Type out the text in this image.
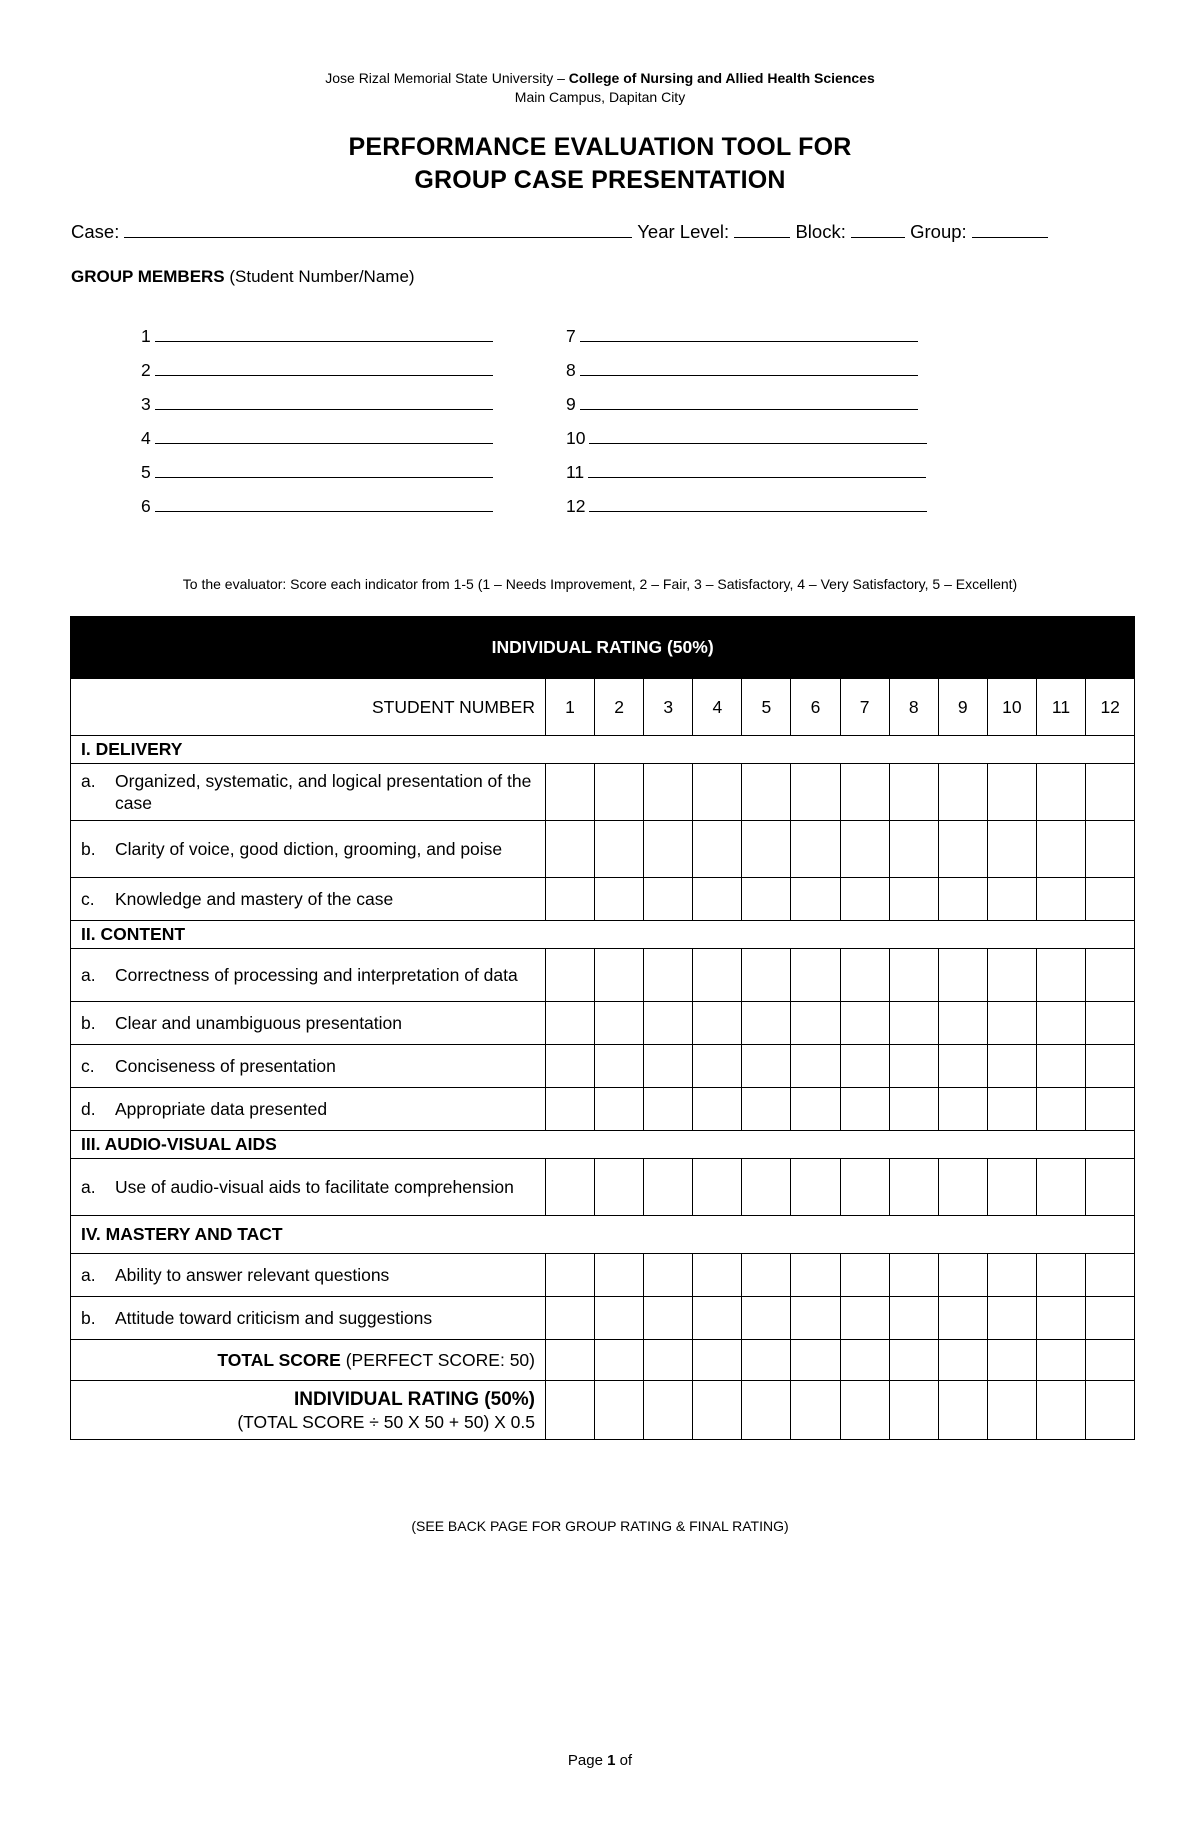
Jose Rizal Memorial State University – College of Nursing and Allied Health Sciences
Main Campus, Dapitan City
PERFORMANCE EVALUATION TOOL FOR
GROUP CASE PRESENTATION
Case:	Year Level:	Block:	Group:
GROUP MEMBERS (Student Number/Name)
1
2
3
4
5
6
7
8
9
10
11
12
To the evaluator: Score each indicator from 1-5 (1 – Needs Improvement, 2 – Fair, 3 – Satisfactory, 4 – Very Satisfactory, 5 – Excellent)
INDIVIDUAL RATING (50%)												
STUDENT NUMBER	1	2	3	4	5	6	7	8	9	10	11	12
I. DELIVERY												

a. Organized, systematic, and logical presentation of the case												

b. Clarity of voice, good diction, grooming, and poise												

c. Knowledge and mastery of the case												

II. CONTENT												

a. Correctness of processing and interpretation of data												

b. Clear and unambiguous presentation												

c. Conciseness of presentation												

d. Appropriate data presented												

III. AUDIO-VISUAL AIDS												

a. Use of audio-visual aids to facilitate comprehension												

IV. MASTERY AND TACT												

a. Ability to answer relevant questions												

b. Attitude toward criticism and suggestions												

TOTAL SCORE (PERFECT SCORE: 50)												
INDIVIDUAL RATING (50%)
(TOTAL SCORE ÷ 50 X 50 + 50) X 0.5												
(SEE BACK PAGE FOR GROUP RATING & FINAL RATING)
Page 1 of
